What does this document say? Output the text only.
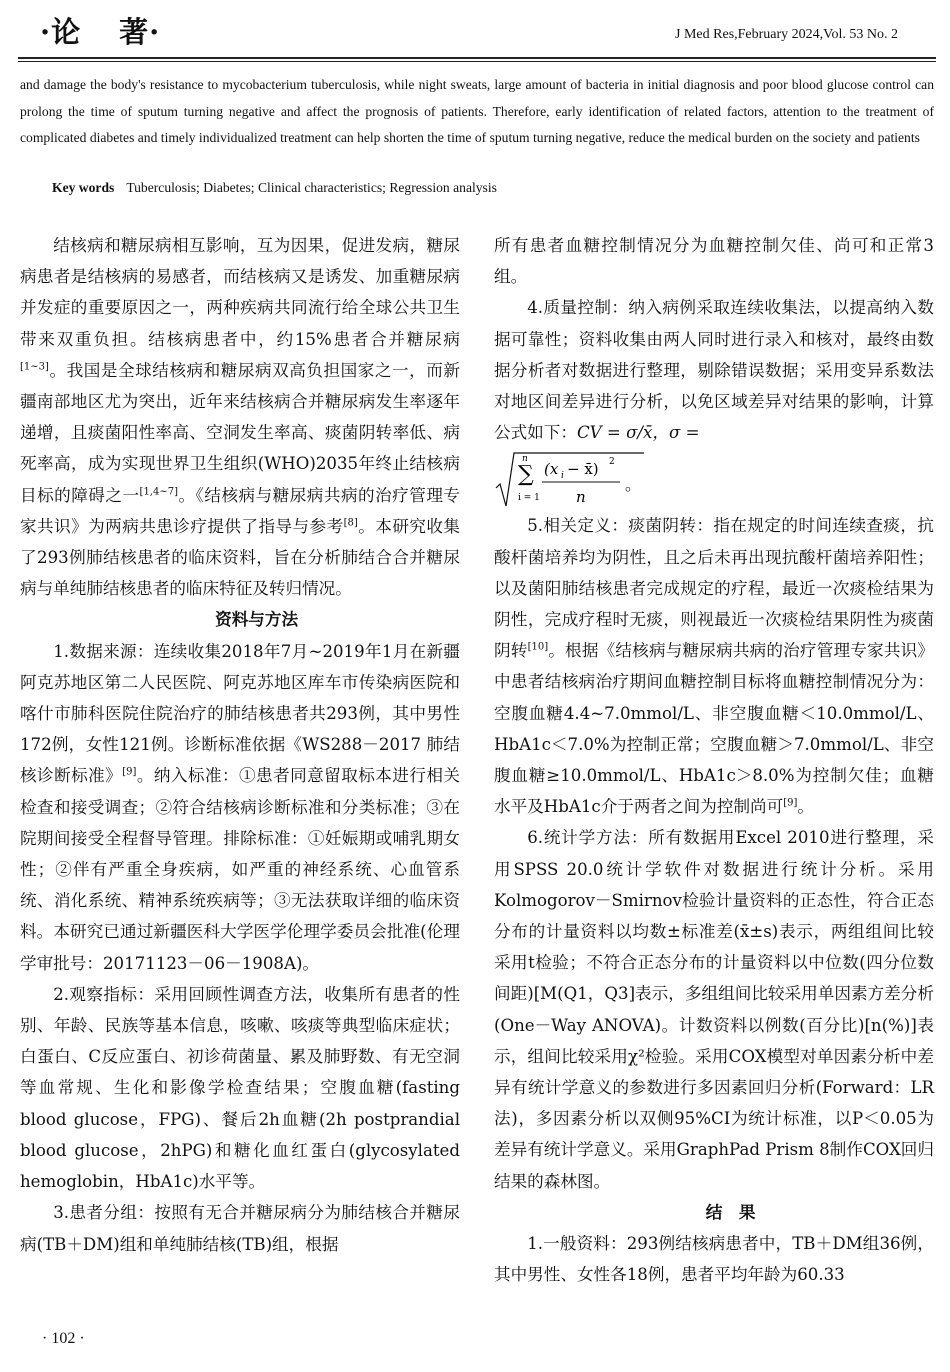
·论 著·	J Med Res,February 2024,Vol. 53 No. 2
and damage the body's resistance to mycobacterium tuberculosis, while night sweats, large amount of bacteria in initial diagnosis and poor blood glucose control can prolong the time of sputum turning negative and affect the prognosis of patients. Therefore, early identification of related factors, attention to the treatment of complicated diabetes and timely individualized treatment can help shorten the time of sputum turning negative, reduce the medical burden on the society and patients
Key words Tuberculosis; Diabetes; Clinical characteristics; Regression analysis

结核病和糖尿病相互影响，互为因果，促进发病，糖尿病患者是结核病的易感者，而结核病又是诱发、加重糖尿病并发症的重要原因之一，两种疾病共同流行给全球公共卫生带来双重负担。结核病患者中，约15%患者合并糖尿病[1~3]。我国是全球结核病和糖尿病双高负担国家之一，而新疆南部地区尤为突出，近年来结核病合并糖尿病发生率逐年递增，且痰菌阳性率高、空洞发生率高、痰菌阴转率低、病死率高，成为实现世界卫生组织(WHO)2035年终止结核病目标的障碍之一[1,4~7]。《结核病与糖尿病共病的治疗管理专家共识》为两病共患诊疗提供了指导与参考[8]。本研究收集了293例肺结核患者的临床资料，旨在分析肺结合合并糖尿病与单纯肺结核患者的临床特征及转归情况。

资料与方法

1.数据来源：连续收集2018年7月~2019年1月在新疆阿克苏地区第二人民医院、阿克苏地区库车市传染病医院和喀什市肺科医院住院治疗的肺结核患者共293例，其中男性172例，女性121例。诊断标准依据《WS288－2017 肺结核诊断标准》[9]。纳入标准：①患者同意留取标本进行相关检查和接受调查；②符合结核病诊断标准和分类标准；③在院期间接受全程督导管理。排除标准：①妊娠期或哺乳期女性；②伴有严重全身疾病，如严重的神经系统、心血管系统、消化系统、精神系统疾病等；③无法获取详细的临床资料。本研究已通过新疆医科大学医学伦理学委员会批准(伦理学审批号：20171123－06－1908A)。

2.观察指标：采用回顾性调查方法，收集所有患者的性别、年龄、民族等基本信息，咳嗽、咳痰等典型临床症状；白蛋白、C反应蛋白、初诊荷菌量、累及肺野数、有无空洞等血常规、生化和影像学检查结果；空腹血糖(fasting blood glucose，FPG)、餐后2h血糖(2h postprandial blood glucose，2hPG)和糖化血红蛋白(glycosylated hemoglobin，HbA1c)水平等。

3.患者分组：按照有无合并糖尿病分为肺结核合并糖尿病(TB＋DM)组和单纯肺结核(TB)组，根据

所有患者血糖控制情况分为血糖控制欠佳、尚可和正常3组。

4.质量控制：纳入病例采取连续收集法，以提高纳入数据可靠性；资料收集由两人同时进行录入和核对，最终由数据分析者对数据进行整理，剔除错误数据；采用变异系数法对地区间差异进行分析，以免区域差异对结果的影响，计算公式如下：CV = σ/x̄，σ =

∑
n
i = 1
(x i − x̄) 2
n
。

5.相关定义：痰菌阴转：指在规定的时间连续查痰，抗酸杆菌培养均为阴性，且之后未再出现抗酸杆菌培养阳性；以及菌阳肺结核患者完成规定的疗程，最近一次痰检结果为阴性，完成疗程时无痰，则视最近一次痰检结果阴性为痰菌阴转[10]。根据《结核病与糖尿病共病的治疗管理专家共识》中患者结核病治疗期间血糖控制目标将血糖控制情况分为：空腹血糖4.4~7.0mmol/L、非空腹血糖＜10.0mmol/L、HbA1c＜7.0%为控制正常；空腹血糖＞7.0mmol/L、非空腹血糖≥10.0mmol/L、HbA1c＞8.0%为控制欠佳；血糖水平及HbA1c介于两者之间为控制尚可[9]。

6.统计学方法：所有数据用Excel 2010进行整理，采用SPSS 20.0统计学软件对数据进行统计分析。采用Kolmogorov－Smirnov检验计量资料的正态性，符合正态分布的计量资料以均数±标准差(x̄±s)表示，两组组间比较采用t检验；不符合正态分布的计量资料以中位数(四分位数间距)[M(Q1，Q3]表示，多组组间比较采用单因素方差分析(One－Way ANOVA)。计数资料以例数(百分比)[n(%)]表示，组间比较采用χ²检验。采用COX模型对单因素分析中差异有统计学意义的参数进行多因素回归分析(Forward：LR法)，多因素分析以双侧95%CI为统计标准，以P＜0.05为差异有统计学意义。采用GraphPad Prism 8制作COX回归结果的森林图。

结　果

1.一般资料：293例结核病患者中，TB＋DM组36例，其中男性、女性各18例，患者平均年龄为60.33

· 102 ·
